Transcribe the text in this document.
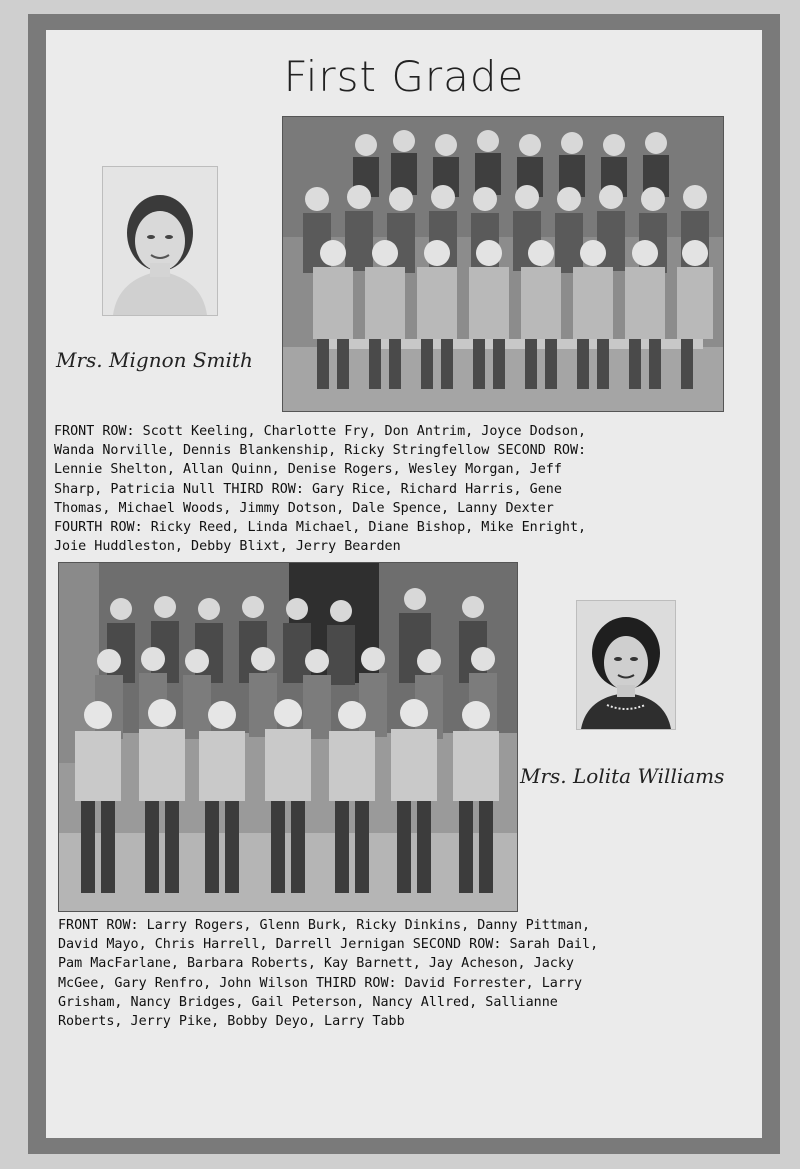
First Grade
Mrs. Mignon Smith
FRONT ROW: Scott Keeling, Charlotte Fry, Don Antrim, Joyce Dodson,
Wanda Norville, Dennis Blankenship, Ricky Stringfellow SECOND ROW:
Lennie Shelton, Allan Quinn, Denise Rogers, Wesley Morgan, Jeff
Sharp, Patricia Null THIRD ROW: Gary Rice, Richard Harris, Gene
Thomas, Michael Woods, Jimmy Dotson, Dale Spence, Lanny Dexter
FOURTH ROW: Ricky Reed, Linda Michael, Diane Bishop, Mike Enright,
Joie Huddleston, Debby Blixt, Jerry Bearden
Mrs. Lolita Williams
FRONT ROW: Larry Rogers, Glenn Burk, Ricky Dinkins, Danny Pittman,
David Mayo, Chris Harrell, Darrell Jernigan SECOND ROW: Sarah Dail,
Pam MacFarlane, Barbara Roberts, Kay Barnett, Jay Acheson, Jacky
McGee, Gary Renfro, John Wilson THIRD ROW: David Forrester, Larry
Grisham, Nancy Bridges, Gail Peterson, Nancy Allred, Sallianne
Roberts, Jerry Pike, Bobby Deyo, Larry Tabb
